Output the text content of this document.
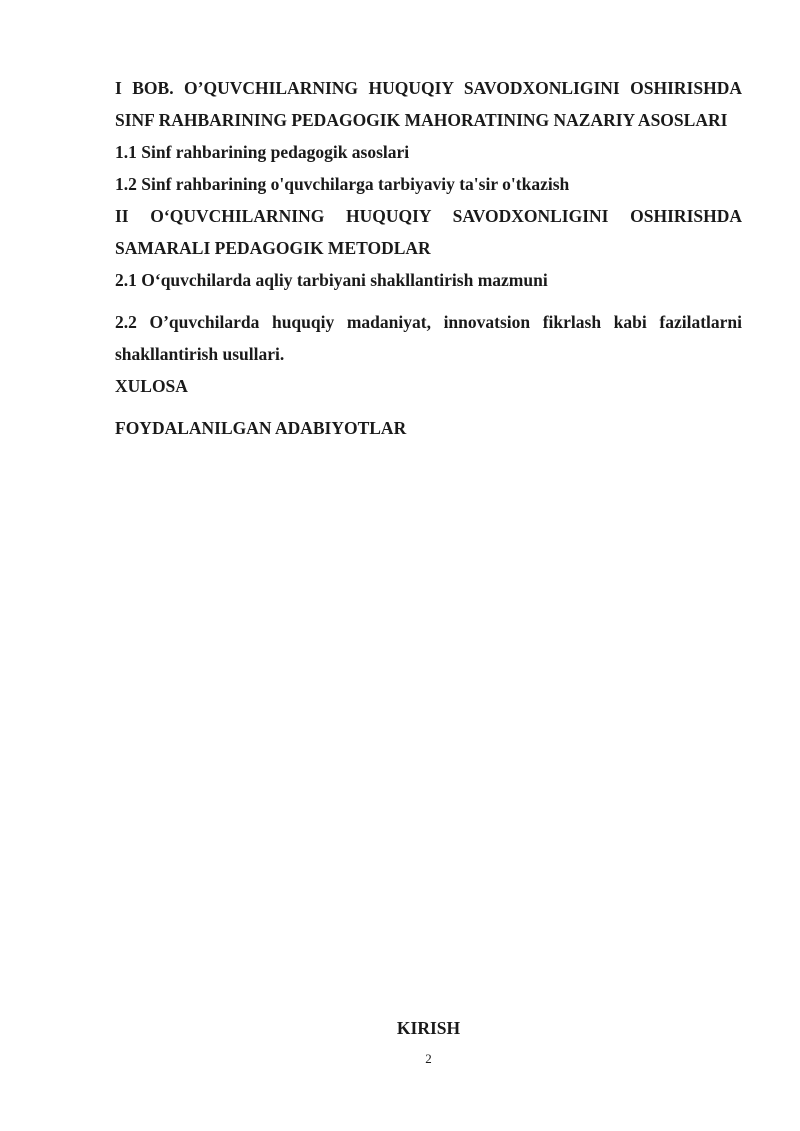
I BOB. O’QUVCHILARNING HUQUQIY SAVODXONLIGINI OSHIRISHDA SINF RAHBARINING PEDAGOGIK MAHORATINING NAZARIY ASOSLARI

1.1 Sinf rahbarining pedagogik asoslari

1.2 Sinf rahbarining o'quvchilarga tarbiyaviy ta'sir o'tkazish

II O‘QUVCHILARNING HUQUQIY SAVODXONLIGINI OSHIRISHDA SAMARALI PEDAGOGIK METODLAR

2.1 O‘quvchilarda aqliy tarbiyani shakllantirish mazmuni

2.2 O’quvchilarda huquqiy madaniyat, innovatsion fikrlash kabi fazilatlarni shakllantirish usullari.

XULOSA

FOYDALANILGAN ADABIYOTLAR

KIRISH
2
